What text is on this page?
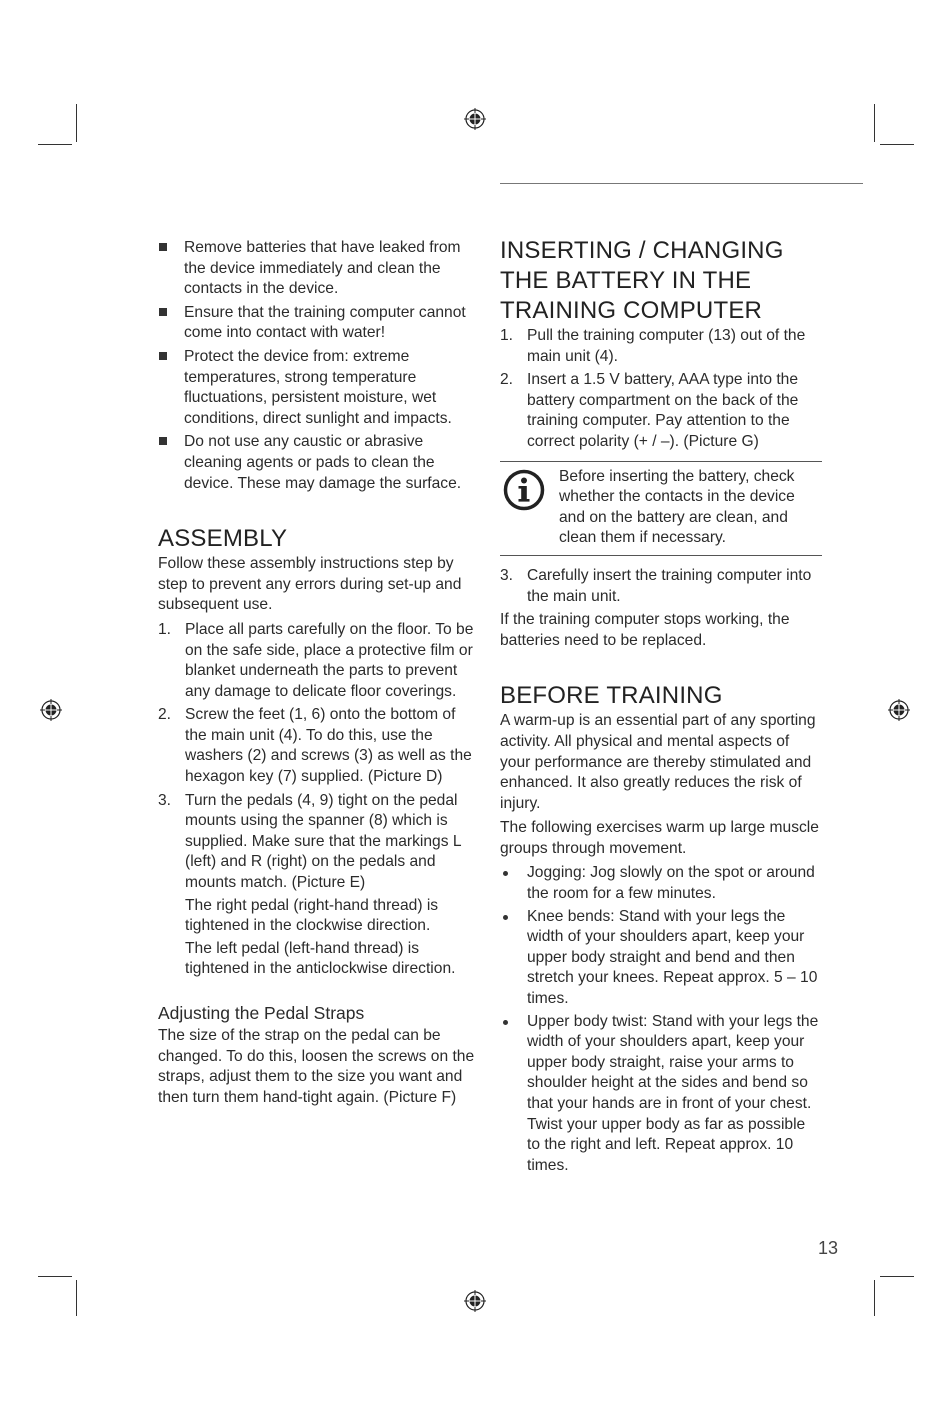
Remove batteries that have leaked from the device immediately and clean the contacts in the device.
Ensure that the training computer cannot come into contact with water!
Protect the device from: extreme temperatures, strong temperature fluctuations, persistent moisture, wet conditions, direct sunlight and impacts.
Do not use any caustic or abrasive cleaning agents or pads to clean the device. These may damage the surface.
ASSEMBLY

Follow these assembly instructions step by step to prevent any errors during set-up and subsequent use.

1. Place all parts carefully on the floor. To be on the safe side, place a protective film or blanket underneath the parts to prevent any damage to delicate floor coverings.
2. Screw the feet (1, 6) onto the bottom of the main unit (4). To do this, use the washers (2) and screws (3) as well as the hexagon key (7) supplied. (Picture D)
3. Turn the pedals (4, 9) tight on the pedal mounts using the spanner (8) which is supplied. Make sure that the markings L (left) and R (right) on the pedals and mounts match. (Picture E)
The right pedal (right-hand thread) is tightened in the clockwise direction.
The left pedal (left-hand thread) is tightened in the anticlockwise direction.
Adjusting the Pedal Straps

The size of the strap on the pedal can be changed. To do this, loosen the screws on the straps, adjust them to the size you want and then turn them hand-tight again. (Picture F)

INSERTING / CHANGING
THE BATTERY IN THE
TRAINING COMPUTER
1. Pull the training computer (13) out of the main unit (4).
2. Insert a 1.5 V battery, AAA type into the battery compartment on the back of the training computer. Pay attention to the correct polarity (+ / –). (Picture G)
Before inserting the battery, check whether the contacts in the device and on the battery are clean, and clean them if necessary.
3. Carefully insert the training computer into the main unit.

If the training computer stops working, the batteries need to be replaced.

BEFORE TRAINING

A warm-up is an essential part of any sporting activity. All physical and mental aspects of your performance are thereby stimulated and enhanced. It also greatly reduces the risk of injury.

The following exercises warm up large muscle groups through movement.

Jogging: Jog slowly on the spot or around the room for a few minutes.
Knee bends: Stand with your legs the width of your shoulders apart, keep your upper body straight and bend and then stretch your knees. Repeat approx. 5 – 10 times.
Upper body twist: Stand with your legs the width of your shoulders apart, keep your upper body straight, raise your arms to shoulder height at the sides and bend so that your hands are in front of your chest. Twist your upper body as far as possible to the right and left. Repeat approx. 10 times.
13
